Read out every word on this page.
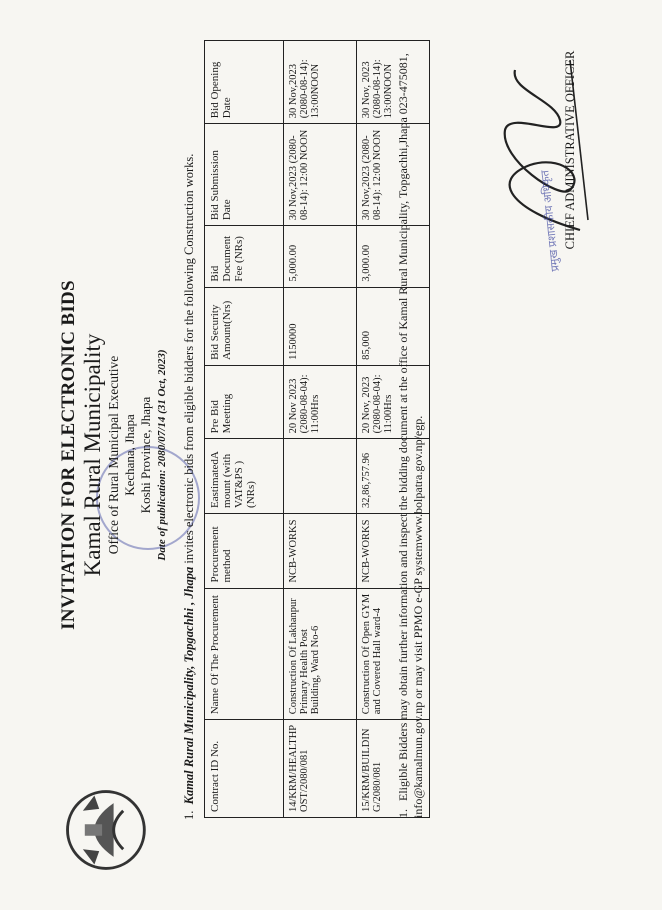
INVITATION FOR ELECTRONIC BIDS Kamal Rural Municipality Office of Rural Municipal Executive Kechana, Jhapa Koshi Province, Jhapa Date of publication: 2080/07/14 (31 Oct, 2023)

1.  Kamal Rural Municipality, Topgachhi , Jhapa invites electronic bids from eligible bidders for the following Construction works.
Contract ID No.	Name Of The Procurement	Procurement method	EastimatedA mount (with VAT&PS ) (NRs)	Pre Bid Meetting	Bid Security Amount(Nrs)	Bid Document Fee (NRs)	Bid Submission Date	Bid Opening Date
14/KRM/HEALTHP OST/2080/081	Construction Of Lakhanpur Primary Health Post Building, Ward No-6	NCB-WORKS		20 Nov 2023 (2080-08-04): 11:00Hrs	1150000	5,000.00	30 Nov,2023 (2080-08-14): 12:00 NOON	30 Nov,2023 (2080-08-14): 13:00NOON
15/KRM/BUILDIN G/2080/081	Construction Of Open GYM and Covered Hall ward-4	NCB-WORKS	32,86,757.96	20 Nov, 2023 (2080-08-04): 11:00Hrs	85,000	3,000.00	30 Nov,2023 (2080-08-14): 12:00 NOON	30 Nov, 2023 (2080-08-14): 13:00NOON
1. Eligible Bidders may obtain further information and inspect the bidding document at the office of Kamal Rural Municipality, Topgachhi,Jhapa 023-475081, info@kamalmun.gov.np or may visit PPMO e-GP systemwww.bolpatra.gov.np/egp.
प्रमुख प्रशासकीय अधिकृत CHIEF ADMINISTRATIVE OFFICER
